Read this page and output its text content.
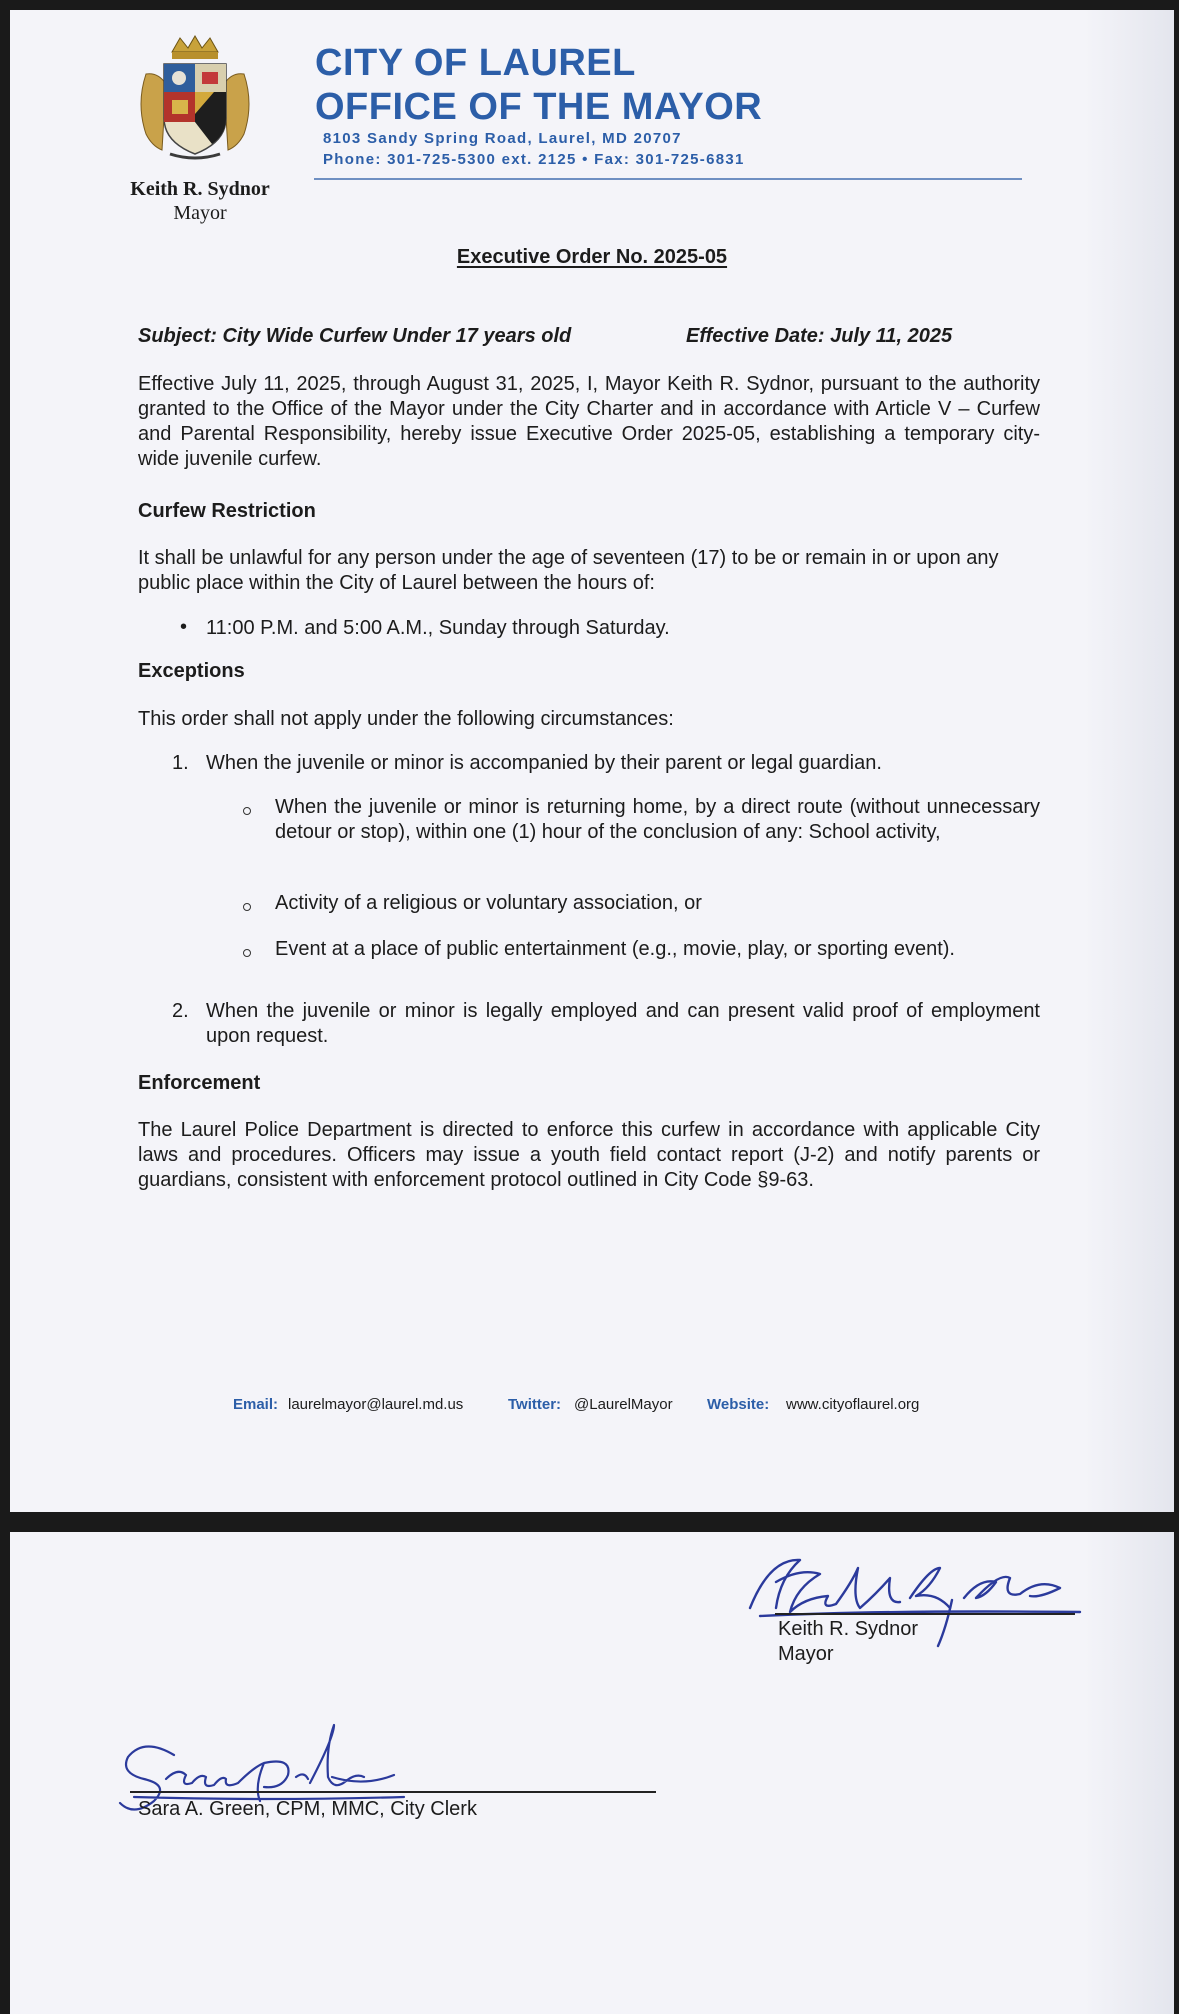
Keith R. Sydnor
Mayor
CITY OF LAUREL
OFFICE OF THE MAYOR
8103 Sandy Spring Road, Laurel, MD 20707
Phone: 301-725-5300 ext. 2125 • Fax: 301-725-6831
Executive Order No. 2025-05
Subject: City Wide Curfew Under 17 years old	Effective Date: July 11, 2025
Effective July 11, 2025, through August 31, 2025, I, Mayor Keith R. Sydnor, pursuant to the authority granted to the Office of the Mayor under the City Charter and in accordance with Article V – Curfew and Parental Responsibility, hereby issue Executive Order 2025-05, establishing a temporary city-wide juvenile curfew.
Curfew Restriction
It shall be unlawful for any person under the age of seventeen (17) to be or remain in or upon any public place within the City of Laurel between the hours of:
• 11:00 P.M. and 5:00 A.M., Sunday through Saturday.
Exceptions
This order shall not apply under the following circumstances:
1. When the juvenile or minor is accompanied by their parent or legal guardian.
When the juvenile or minor is returning home, by a direct route (without unnecessary detour or stop), within one (1) hour of the conclusion of any: School activity,
Activity of a religious or voluntary association, or
Event at a place of public entertainment (e.g., movie, play, or sporting event).
2. When the juvenile or minor is legally employed and can present valid proof of employment upon request.
Enforcement
The Laurel Police Department is directed to enforce this curfew in accordance with applicable City laws and procedures. Officers may issue a youth field contact report (J-2) and notify parents or guardians, consistent with enforcement protocol outlined in City Code §9-63.
Email: laurelmayor@laurel.md.us	Twitter: @LaurelMayor Website: www.cityoflaurel.org
Keith R. Sydnor
Mayor
Sara A. Green, CPM, MMC, City Clerk
